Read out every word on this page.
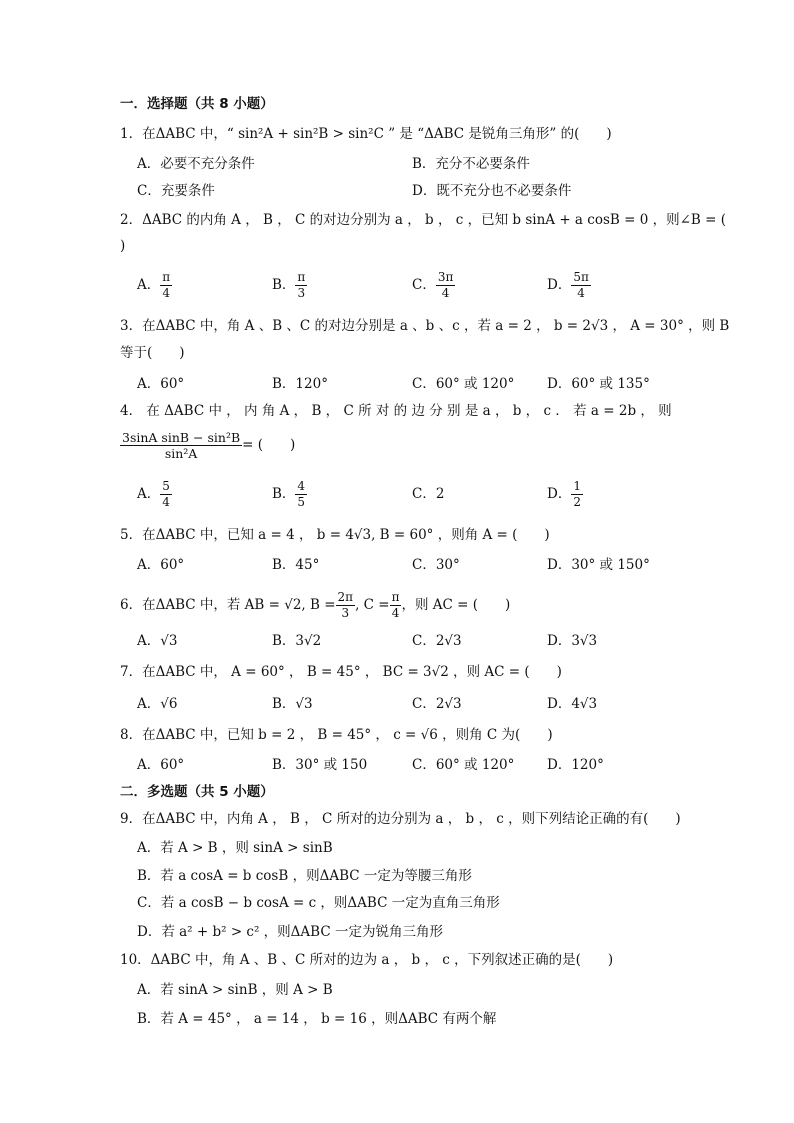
一．选择题（共 8 小题）
1．在ΔABC 中，“ sin²A + sin²B > sin²C ” 是 “ΔABC 是锐角三角形” 的(　　)
A．必要不充分条件	B．充分不必要条件
C．充要条件	D．既不充分也不必要条件
2．ΔABC 的内角 A ， B ， C 的对边分别为 a ， b ， c ，已知 b sinA + a cosB = 0 ，则∠B = (
)
A． $\frac{\pi}{4}$	B． $\frac{\pi}{3}$	C． $\frac{3\pi}{4}$	D． $\frac{5\pi}{4}$
3．在ΔABC 中，角 A 、B 、C 的对边分别是 a 、b 、c ，若 a = 2 ， b = 2√3 ， A = 30° ，则 B
等于(　　)
A．60°	B．120°	C．60° 或 120° D．60° 或 135°
4． 在 ΔABC 中 ， 内 角 A ， B ， C 所 对 的 边 分 别 是 a ， b ， c ． 若 a = 2b ， 则
$\frac{\text{3sinA sinB − sin²B}}{\text{sin²A}}$ = (　　)
A． $\frac{5}{4}$	B． $\frac{4}{5}$	C．2	D． $\frac{1}{2}$
5．在ΔABC 中，已知 a = 4 ， b = 4√3, B = 60° ，则角 A = (　　)
A．60°	B．45°	C．30°	D．30° 或 150°
6．在ΔABC 中，若 AB = √2, $B = \frac{2\pi}{3}$ , $C = \frac{\pi}{4}$ ，则 AC = (　　)
A．√3	B．3√2	C．2√3	D．3√3
7．在ΔABC 中， A = 60° ， B = 45° ， BC = 3√2 ，则 AC = (　　)
A．√6	B．√3	C．2√3	D．4√3
8．在ΔABC 中，已知 b = 2 ， B = 45° ， c = √6 ，则角 C 为(　　)
A．60°	B．30° 或 150	C．60° 或 120° D．120°
二．多选题（共 5 小题）
9．在ΔABC 中，内角 A ， B ， C 所对的边分别为 a ， b ， c ，则下列结论正确的有(　　)
A．若 A > B ，则 sinA > sinB
B．若 a cosA = b cosB ，则ΔABC 一定为等腰三角形
C．若 a cosB − b cosA = c ，则ΔABC 一定为直角三角形
D．若 a² + b² > c² ，则ΔABC 一定为锐角三角形
10．ΔABC 中，角 A 、B 、C 所对的边为 a ， b ， c ，下列叙述正确的是(　　)
A．若 sinA > sinB ，则 A > B
B．若 A = 45° ， a = 14 ， b = 16 ，则ΔABC 有两个解
